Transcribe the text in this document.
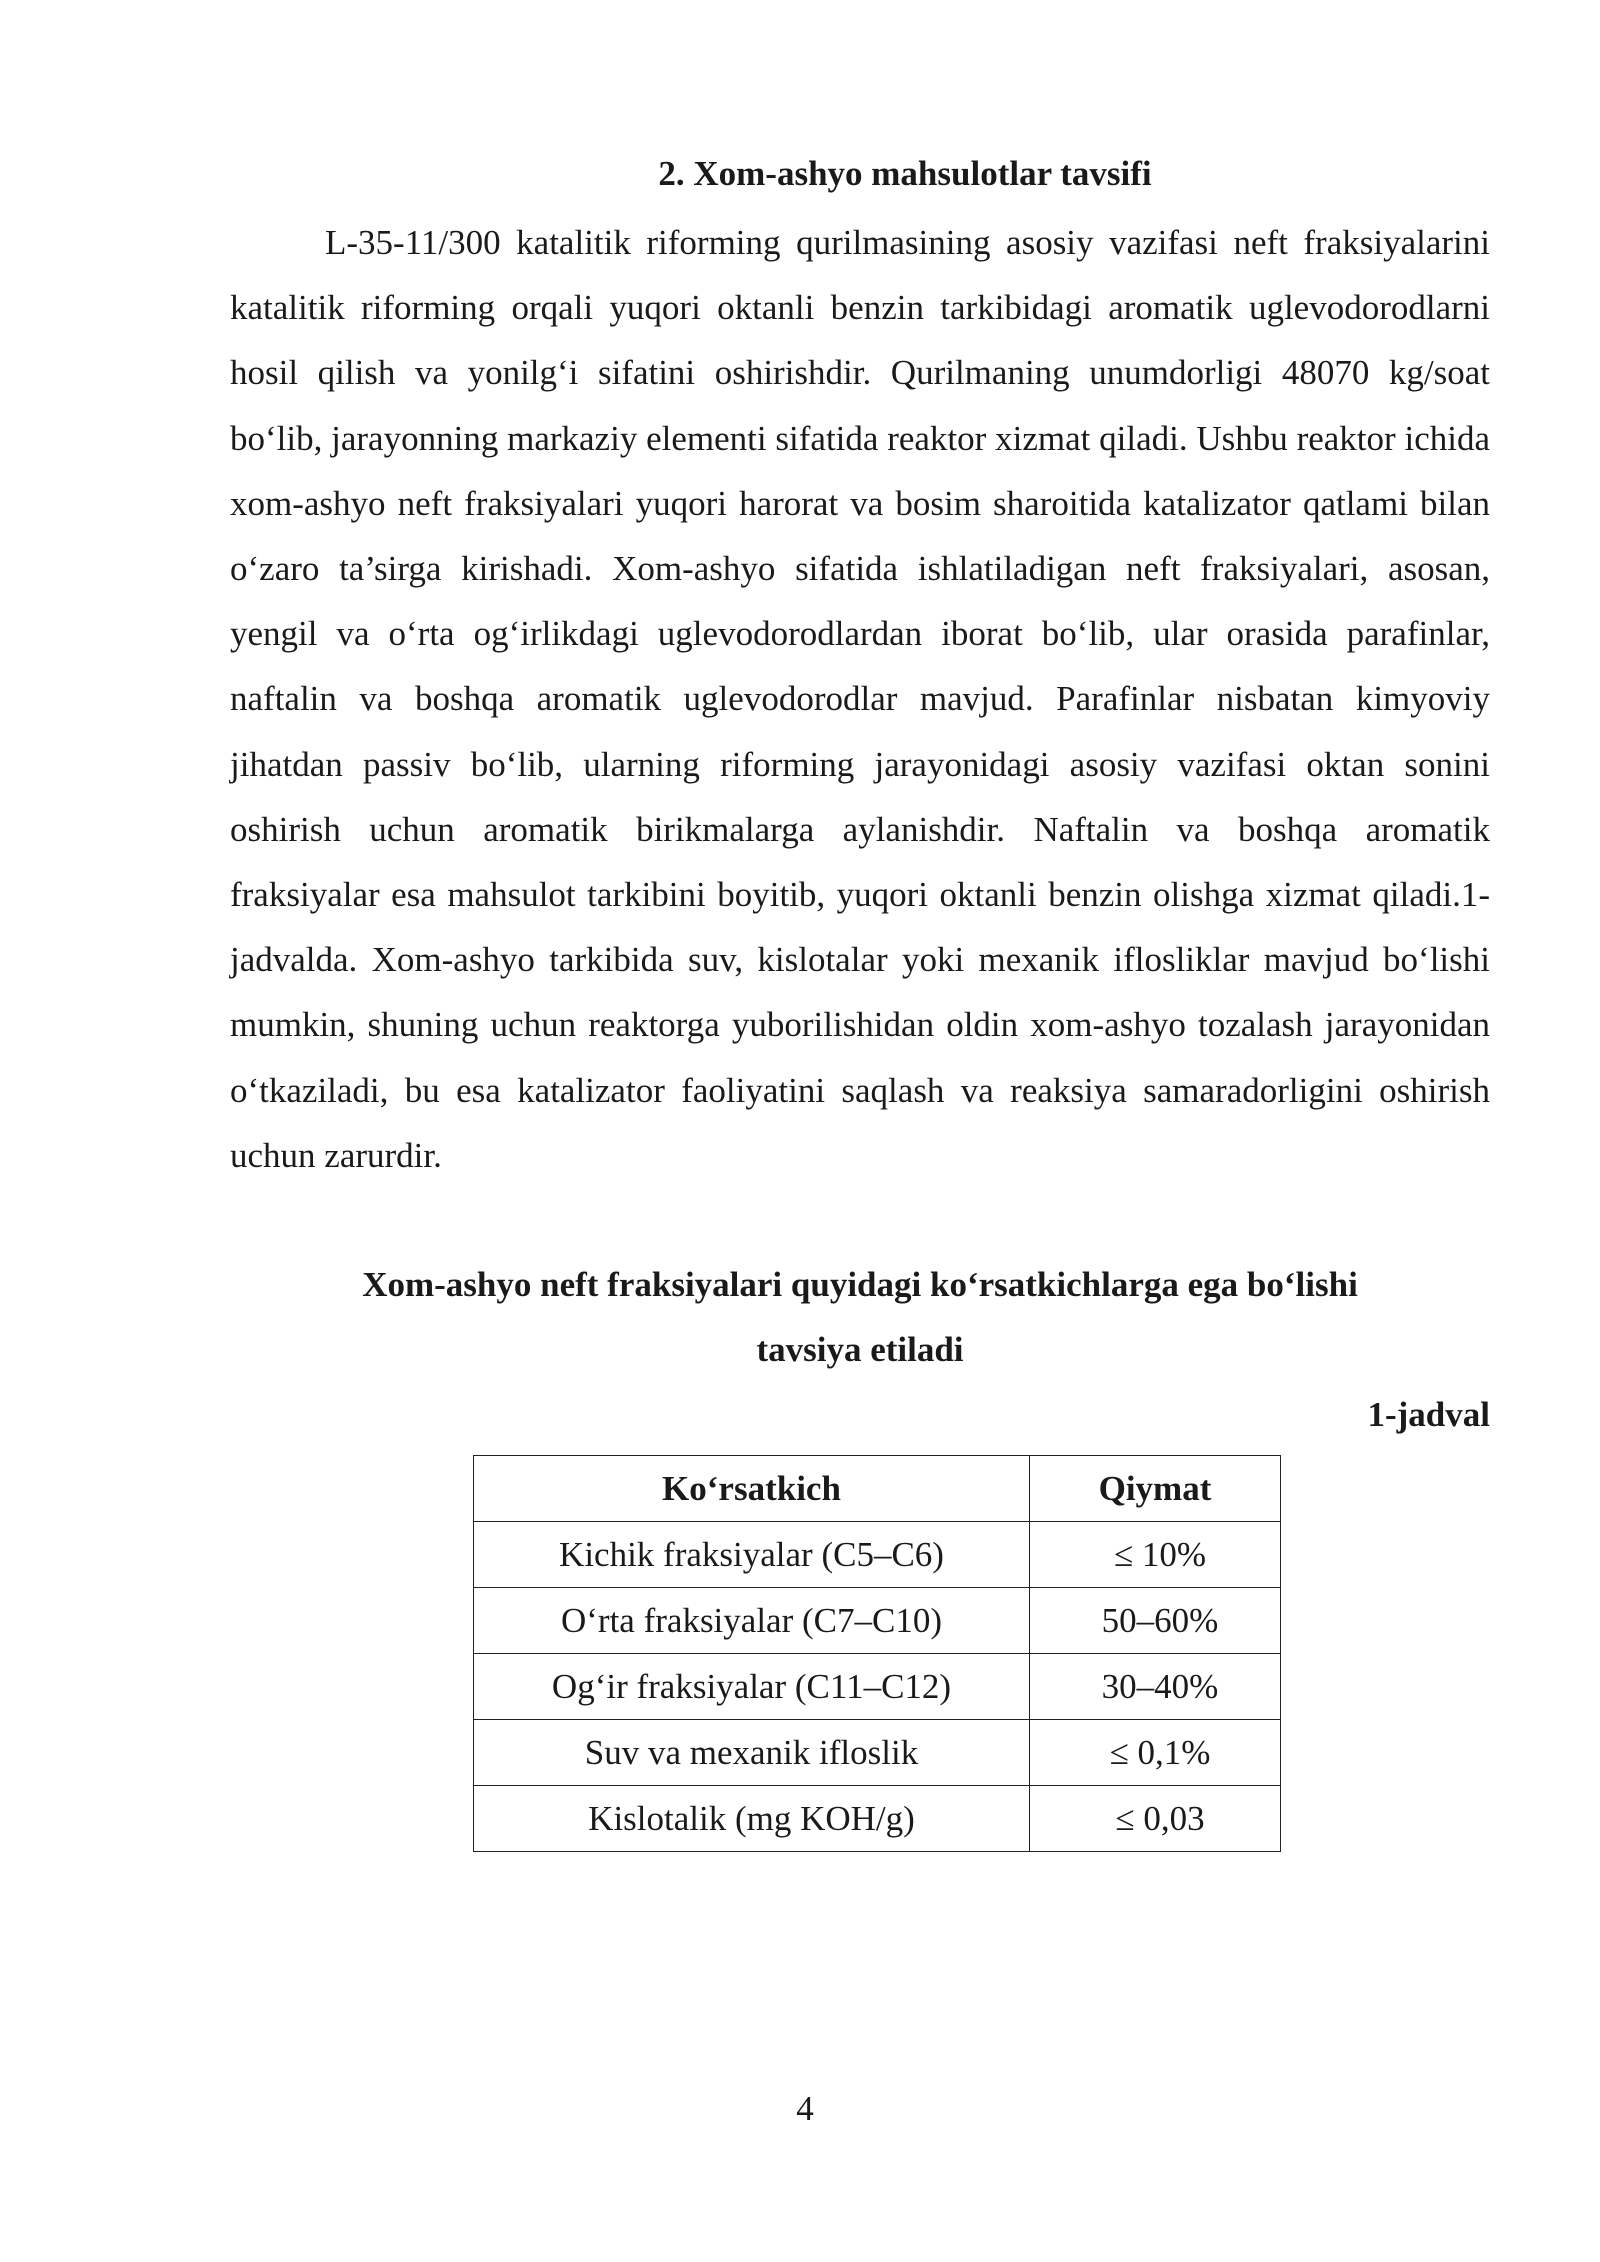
2. Xom-ashyo mahsulotlar tavsifi

L-35-11/300 katalitik riforming qurilmasining asosiy vazifasi neft fraksiyalarini katalitik riforming orqali yuqori oktanli benzin tarkibidagi aromatik uglevodorodlarni hosil qilish va yonilg‘i sifatini oshirishdir. Qurilmaning unumdorligi 48070 kg/soat bo‘lib, jarayonning markaziy elementi sifatida reaktor xizmat qiladi. Ushbu reaktor ichida xom-ashyo neft fraksiyalari yuqori harorat va bosim sharoitida katalizator qatlami bilan o‘zaro ta’sirga kirishadi. Xom-ashyo sifatida ishlatiladigan neft fraksiyalari, asosan, yengil va o‘rta og‘irlikdagi uglevodorodlardan iborat bo‘lib, ular orasida parafinlar, naftalin va boshqa aromatik uglevodorodlar mavjud. Parafinlar nisbatan kimyoviy jihatdan passiv bo‘lib, ularning riforming jarayonidagi asosiy vazifasi oktan sonini oshirish uchun aromatik birikmalarga aylanishdir. Naftalin va boshqa aromatik fraksiyalar esa mahsulot tarkibini boyitib, yuqori oktanli benzin olishga xizmat qiladi.1-jadvalda. Xom-ashyo tarkibida suv, kislotalar yoki mexanik iflosliklar mavjud bo‘lishi mumkin, shuning uchun reaktorga yuborilishidan oldin xom-ashyo tozalash jarayonidan o‘tkaziladi, bu esa katalizator faoliyatini saqlash va reaksiya samaradorligini oshirish uchun zarurdir.

Xom-ashyo neft fraksiyalari quyidagi ko‘rsatkichlarga ega bo‘lishi tavsiya etiladi
1-jadval
Ko‘rsatkich	Qiymat
Kichik fraksiyalar (C5–C6)	≤ 10%
O‘rta fraksiyalar (C7–C10)	50–60%
Og‘ir fraksiyalar (C11–C12)	30–40%
Suv va mexanik ifloslik	≤ 0,1%
Kislotalik (mg KOH/g)	≤ 0,03
4
